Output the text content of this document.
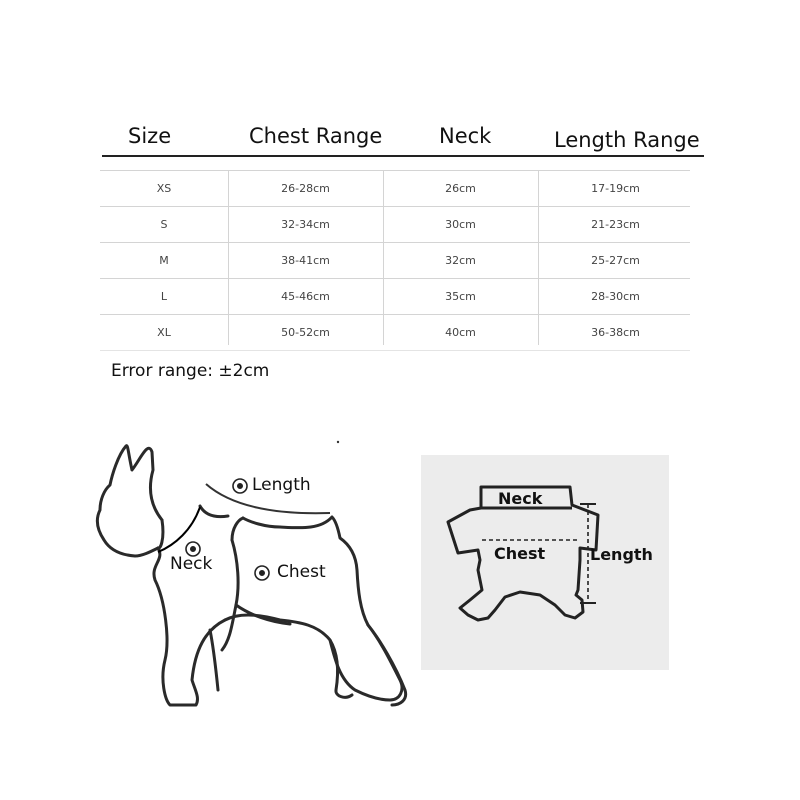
Size	Chest Range	Neck	Length Range
XS	26-28cm	26cm	17-19cm
S	32-34cm	30cm	21-23cm
M	38-41cm	32cm	25-27cm
L	45-46cm	35cm	28-30cm
XL	50-52cm	40cm	36-38cm
Error range: ±2cm
Length
Neck	Chest
Neck
Chest	Length
